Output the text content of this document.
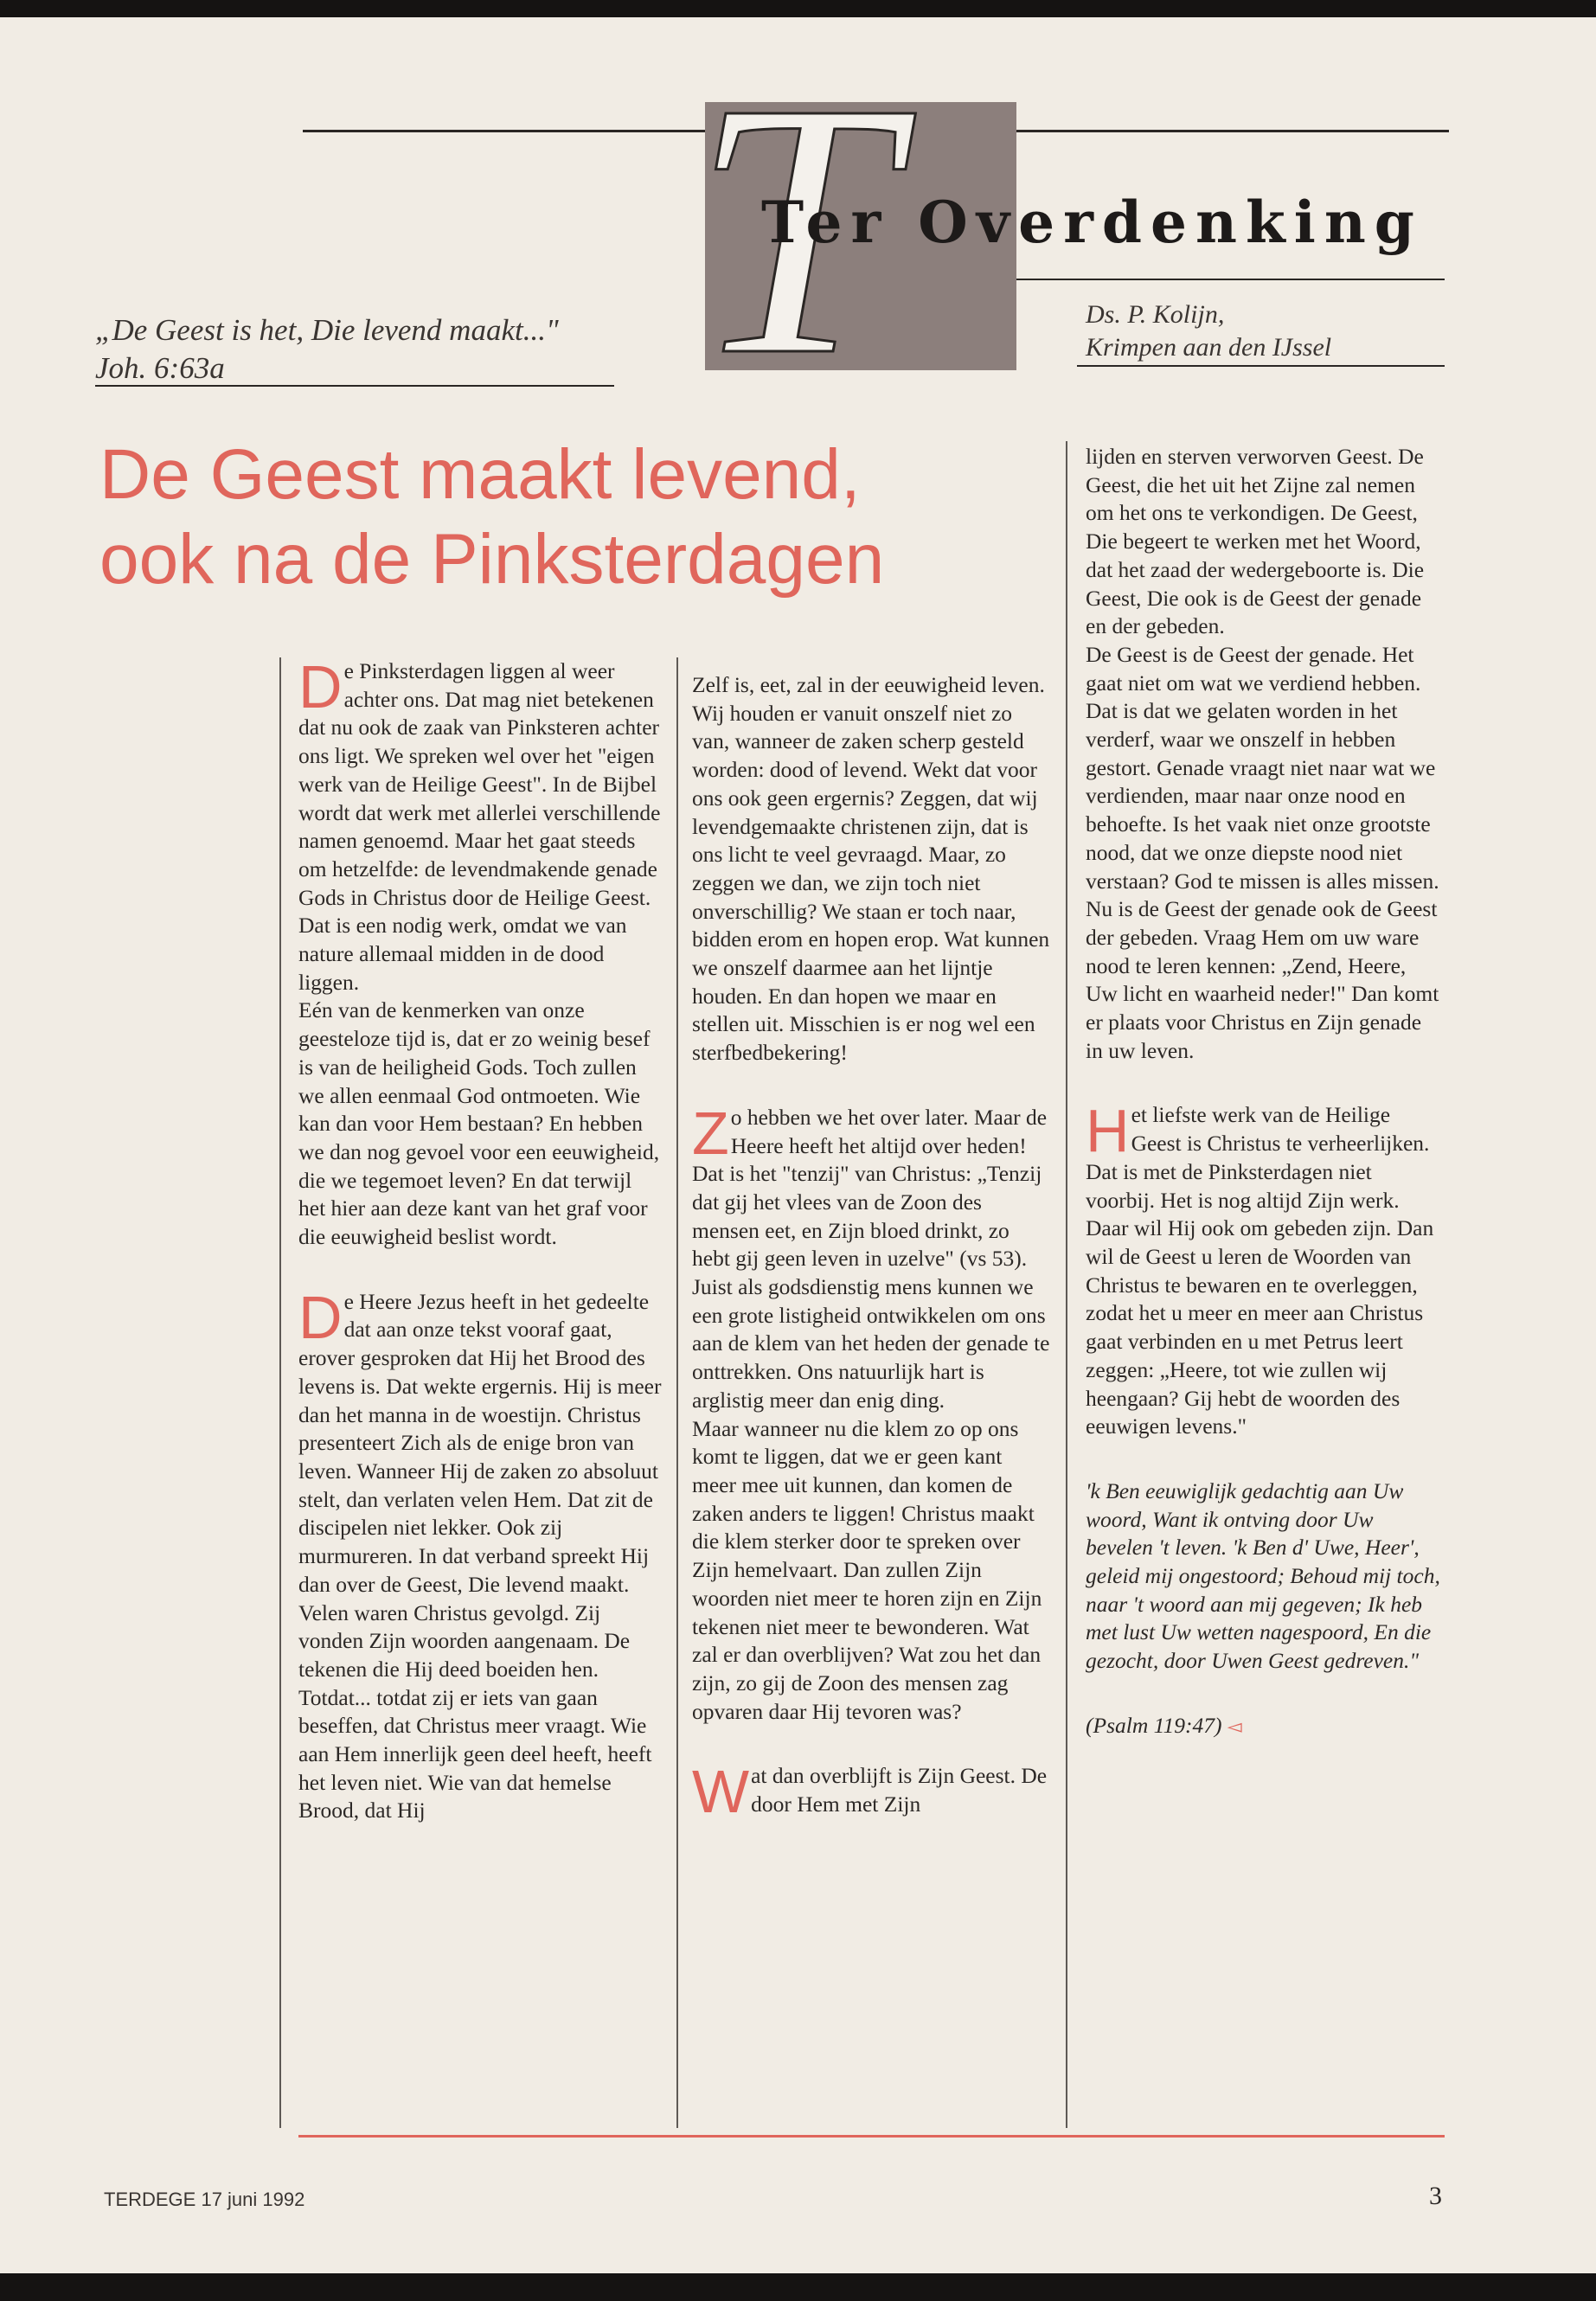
T
Ter Overdenking
„De Geest is het, Die levend maakt..."
Joh. 6:63a
Ds. P. Kolijn,
Krimpen aan den IJssel
De Geest maakt levend,
ook na de Pinksterdagen

De Pinksterdagen liggen al weer achter ons. Dat mag niet betekenen dat nu ook de zaak van Pinksteren achter ons ligt. We spreken wel over het "eigen werk van de Heilige Geest". In de Bijbel wordt dat werk met allerlei verschillende namen genoemd. Maar het gaat steeds om hetzelfde: de levendmakende genade Gods in Christus door de Heilige Geest. Dat is een nodig werk, omdat we van nature allemaal midden in de dood liggen.

Eén van de kenmerken van onze geesteloze tijd is, dat er zo weinig besef is van de heiligheid Gods. Toch zullen we allen eenmaal God ontmoeten. Wie kan dan voor Hem bestaan? En hebben we dan nog gevoel voor een eeuwigheid, die we tegemoet leven? En dat terwijl het hier aan deze kant van het graf voor die eeuwigheid beslist wordt.

De Heere Jezus heeft in het gedeelte dat aan onze tekst vooraf gaat, erover gesproken dat Hij het Brood des levens is. Dat wekte ergernis. Hij is meer dan het manna in de woestijn. Christus presenteert Zich als de enige bron van leven. Wanneer Hij de zaken zo absoluut stelt, dan verlaten velen Hem. Dat zit de discipelen niet lekker. Ook zij murmureren. In dat verband spreekt Hij dan over de Geest, Die levend maakt.

Velen waren Christus gevolgd. Zij vonden Zijn woorden aangenaam. De tekenen die Hij deed boeiden hen. Totdat... totdat zij er iets van gaan beseffen, dat Christus meer vraagt. Wie aan Hem innerlijk geen deel heeft, heeft het leven niet. Wie van dat hemelse Brood, dat Hij

Zelf is, eet, zal in der eeuwigheid leven. Wij houden er vanuit onszelf niet zo van, wanneer de zaken scherp gesteld worden: dood of levend. Wekt dat voor ons ook geen ergernis? Zeggen, dat wij levendgemaakte christenen zijn, dat is ons licht te veel gevraagd. Maar, zo zeggen we dan, we zijn toch niet onverschillig? We staan er toch naar, bidden erom en hopen erop. Wat kunnen we onszelf daarmee aan het lijntje houden. En dan hopen we maar en stellen uit. Misschien is er nog wel een sterfbedbekering!

Zo hebben we het over later. Maar de Heere heeft het altijd over heden! Dat is het "tenzij" van Christus: „Tenzij dat gij het vlees van de Zoon des mensen eet, en Zijn bloed drinkt, zo hebt gij geen leven in uzelve" (vs 53). Juist als godsdienstig mens kunnen we een grote listigheid ontwikkelen om ons aan de klem van het heden der genade te onttrekken. Ons natuurlijk hart is arglistig meer dan enig ding.

Maar wanneer nu die klem zo op ons komt te liggen, dat we er geen kant meer mee uit kunnen, dan komen de zaken anders te liggen! Christus maakt die klem sterker door te spreken over Zijn hemelvaart. Dan zullen Zijn woorden niet meer te horen zijn en Zijn tekenen niet meer te bewonderen. Wat zal er dan overblijven? Wat zou het dan zijn, zo gij de Zoon des mensen zag opvaren daar Hij tevoren was?

Wat dan overblijft is Zijn Geest. De door Hem met Zijn

lijden en sterven verworven Geest. De Geest, die het uit het Zijne zal nemen om het ons te verkondigen. De Geest, Die begeert te werken met het Woord, dat het zaad der wedergeboorte is. Die Geest, Die ook is de Geest der genade en der gebeden.

De Geest is de Geest der genade. Het gaat niet om wat we verdiend hebben. Dat is dat we gelaten worden in het verderf, waar we onszelf in hebben gestort. Genade vraagt niet naar wat we verdienden, maar naar onze nood en behoefte. Is het vaak niet onze grootste nood, dat we onze diepste nood niet verstaan? God te missen is alles missen.

Nu is de Geest der genade ook de Geest der gebeden. Vraag Hem om uw ware nood te leren kennen: „Zend, Heere, Uw licht en waarheid neder!" Dan komt er plaats voor Christus en Zijn genade in uw leven.

Het liefste werk van de Heilige Geest is Christus te verheerlijken. Dat is met de Pinksterdagen niet voorbij. Het is nog altijd Zijn werk. Daar wil Hij ook om gebeden zijn. Dan wil de Geest u leren de Woorden van Christus te bewaren en te overleggen, zodat het u meer en meer aan Christus gaat verbinden en u met Petrus leert zeggen: „Heere, tot wie zullen wij heengaan? Gij hebt de woorden des eeuwigen levens."

'k Ben eeuwiglijk gedachtig aan Uw woord, Want ik ontving door Uw bevelen 't leven. 'k Ben d' Uwe, Heer', geleid mij ongestoord; Behoud mij toch, naar 't woord aan mij gegeven; Ik heb met lust Uw wetten nagespoord, En die gezocht, door Uwen Geest gedreven."

(Psalm 119:47) ◅

TERDEGE 17 juni 1992	3
